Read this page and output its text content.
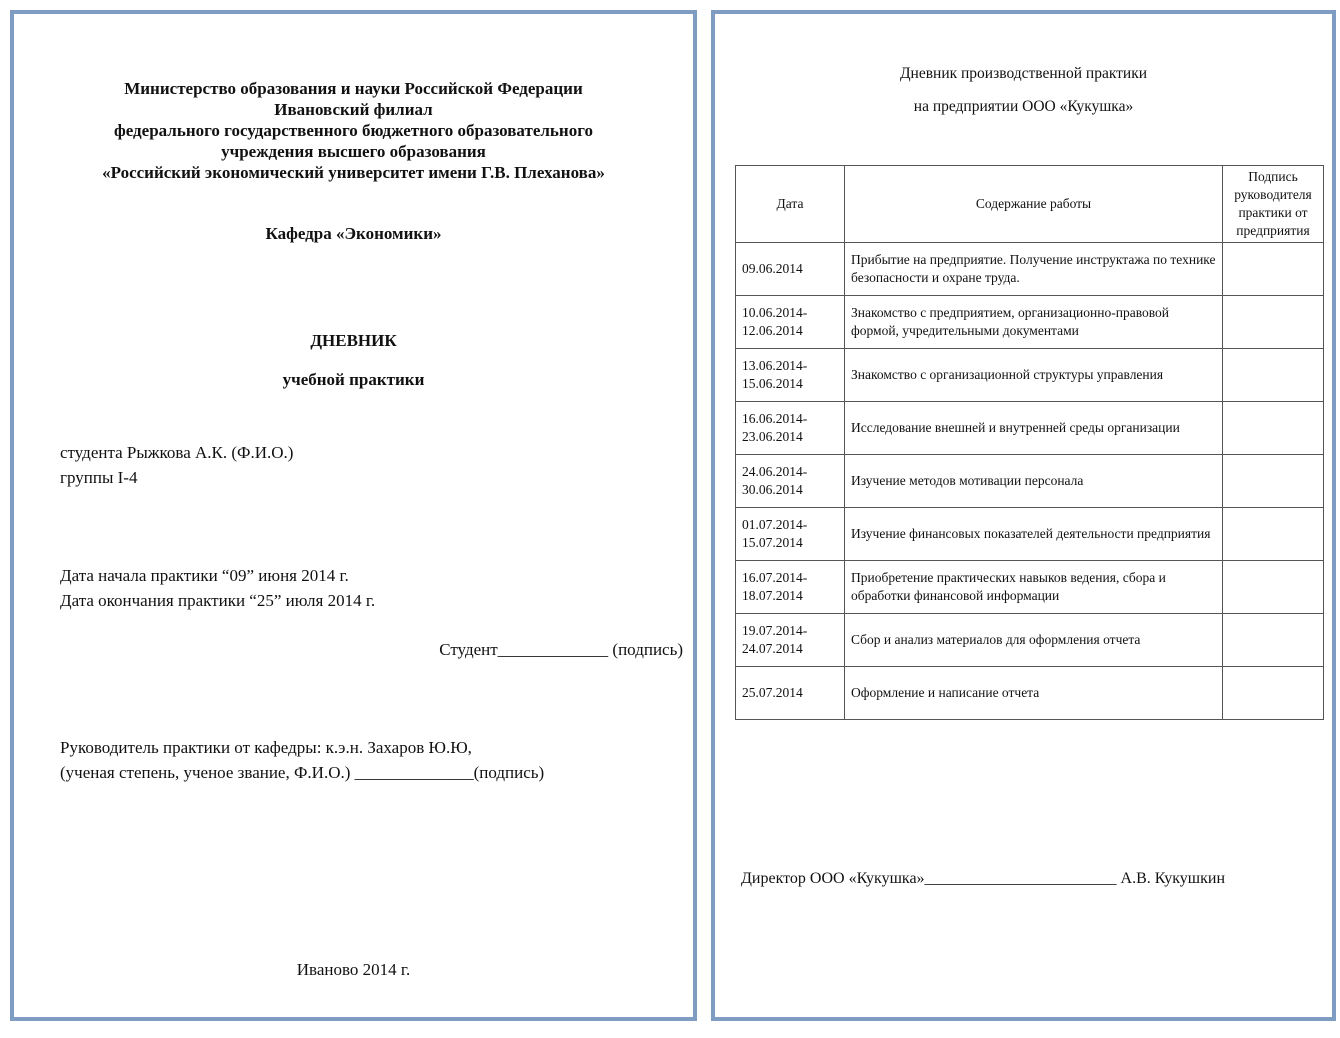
Министерство образования и науки Российской Федерации
Ивановский филиал
федерального государственного бюджетного образовательного
учреждения высшего образования
«Российский экономический университет имени Г.В. Плеханова»
Кафедра «Экономики»
ДНЕВНИК
учебной практики
студента Рыжкова А.К. (Ф.И.О.)
группы I-4
Дата начала практики “09” июня 2014 г.
Дата окончания практики “25” июля 2014 г.
Студент_____________ (подпись)
Руководитель практики от кафедры: к.э.н. Захаров Ю.Ю,
(ученая степень, ученое звание, Ф.И.О.) ______________(подпись)
Иваново 2014 г.
Дневник производственной практики
на предприятии ООО «Кукушка»
Дата	Содержание работы	Подпись руководителя практики от предприятия
09.06.2014	Прибытие на предприятие. Получение инструктажа по технике безопасности и охране труда.	
10.06.2014-12.06.2014	Знакомство с предприятием, организационно-правовой формой, учредительными документами	
13.06.2014-15.06.2014	Знакомство с организационной структуры управления	
16.06.2014-23.06.2014	Исследование внешней и внутренней среды организации	
24.06.2014-30.06.2014	Изучение методов мотивации персонала	
01.07.2014-15.07.2014	Изучение финансовых показателей деятельности предприятия	
16.07.2014-18.07.2014	Приобретение практических навыков ведения, сбора и обработки финансовой информации	
19.07.2014-24.07.2014	Сбор и анализ материалов для оформления отчета	
25.07.2014	Оформление и написание отчета	
Директор ООО «Кукушка»________________________ А.В. Кукушкин
